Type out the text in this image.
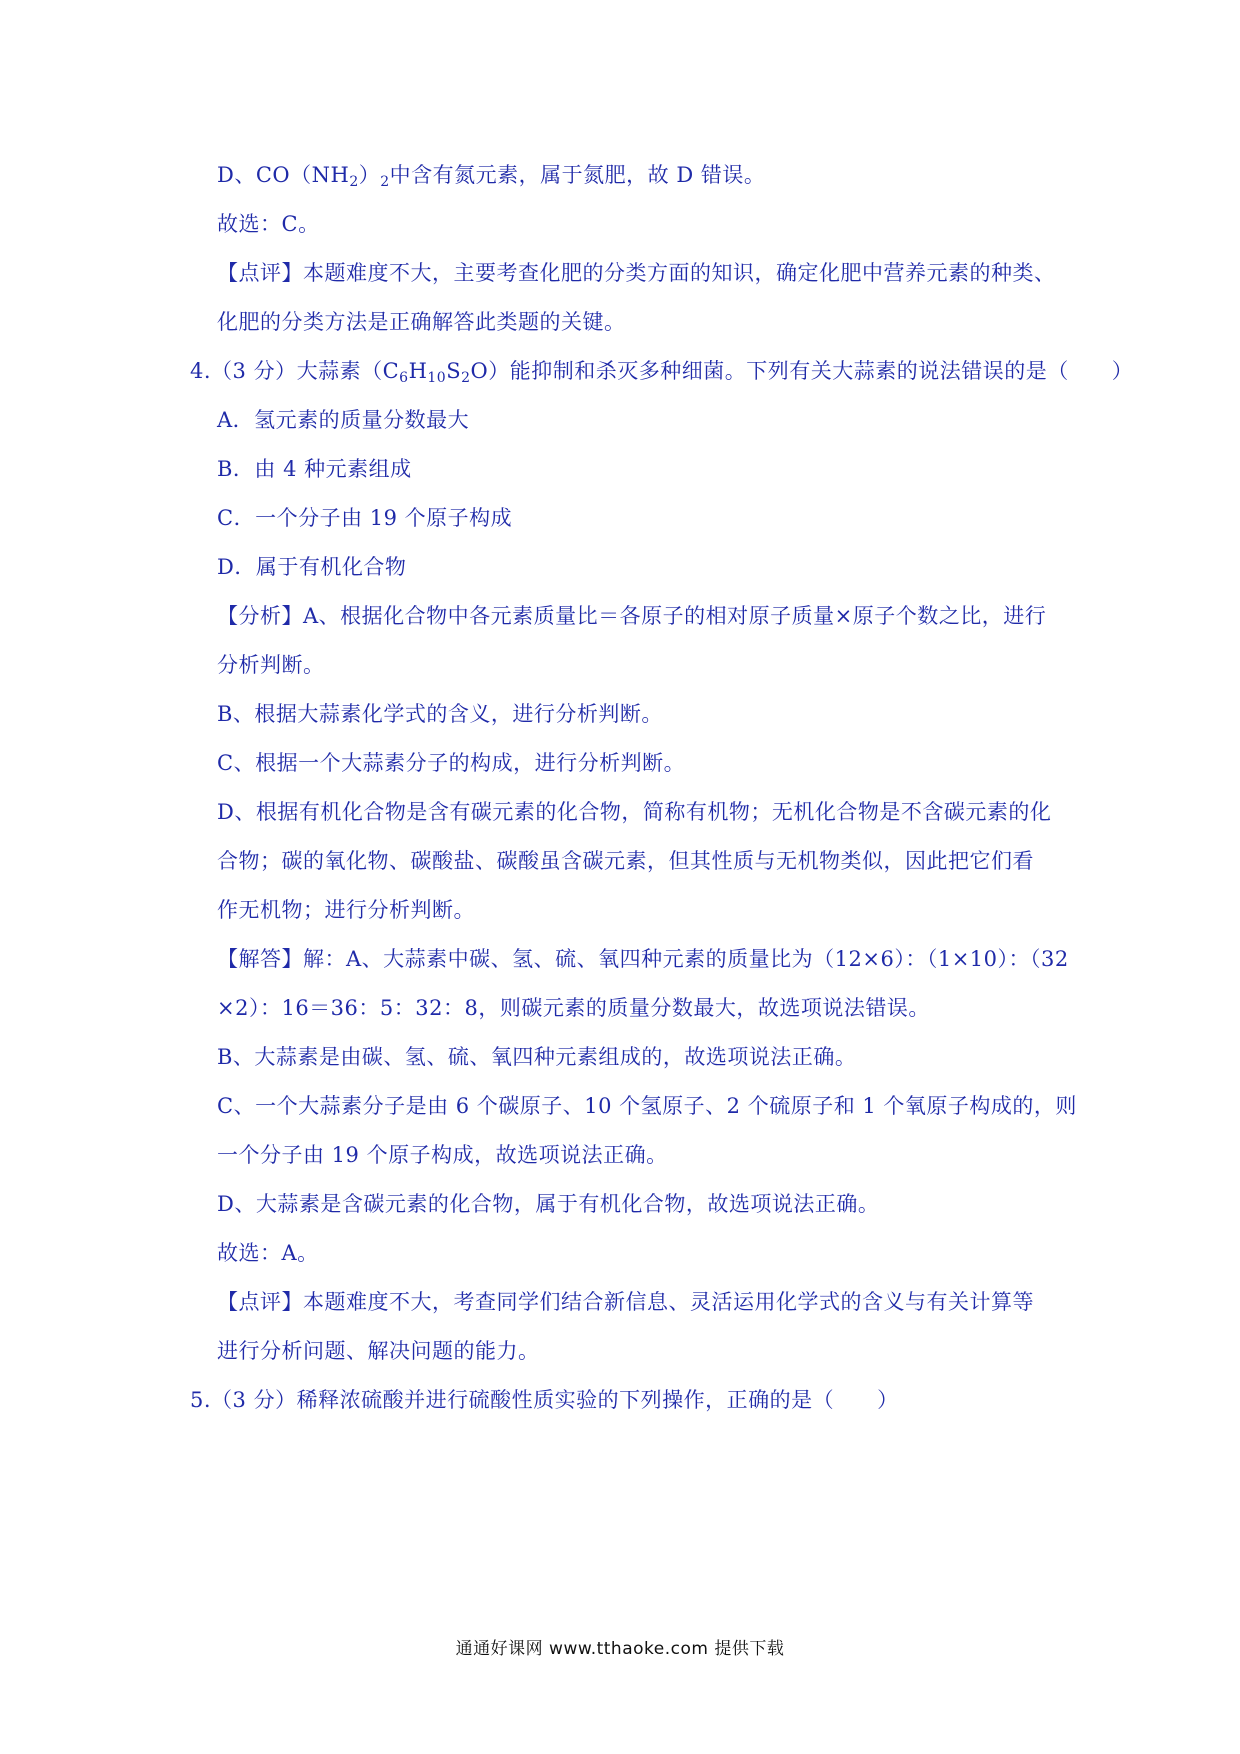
D、$CO(NH_2)_2$中含有氮元素，属于氮肥，故 D 错误。
故选：C。
【点评】本题难度不大，主要考查化肥的分类方面的知识，确定化肥中营养元素的种类、
化肥的分类方法是正确解答此类题的关键。
4.（3 分）大蒜素$(C_6H_{10}S_2O)$能抑制和杀灭多种细菌。下列有关大蒜素的说法错误的是（　　）
A．氢元素的质量分数最大
B．由 4 种元素组成
C．一个分子由 19 个原子构成
D．属于有机化合物
【分析】A、根据化合物中各元素质量比＝各原子的相对原子质量×原子个数之比，进行
分析判断。
B、根据大蒜素化学式的含义，进行分析判断。
C、根据一个大蒜素分子的构成，进行分析判断。
D、根据有机化合物是含有碳元素的化合物，简称有机物；无机化合物是不含碳元素的化
合物；碳的氧化物、碳酸盐、碳酸虽含碳元素，但其性质与无机物类似，因此把它们看
作无机物；进行分析判断。
【解答】解：A、大蒜素中碳、氢、硫、氧四种元素的质量比为（12×6）：（1×10）：（32
×2）：16＝36：5：32：8，则碳元素的质量分数最大，故选项说法错误。
B、大蒜素是由碳、氢、硫、氧四种元素组成的，故选项说法正确。
C、一个大蒜素分子是由 6 个碳原子、10 个氢原子、2 个硫原子和 1 个氧原子构成的，则
一个分子由 19 个原子构成，故选项说法正确。
D、大蒜素是含碳元素的化合物，属于有机化合物，故选项说法正确。
故选：A。
【点评】本题难度不大，考查同学们结合新信息、灵活运用化学式的含义与有关计算等
进行分析问题、解决问题的能力。
5.（3 分）稀释浓硫酸并进行硫酸性质实验的下列操作，正确的是（　　）
通通好课网 www.tthaoke.com 提供下载
